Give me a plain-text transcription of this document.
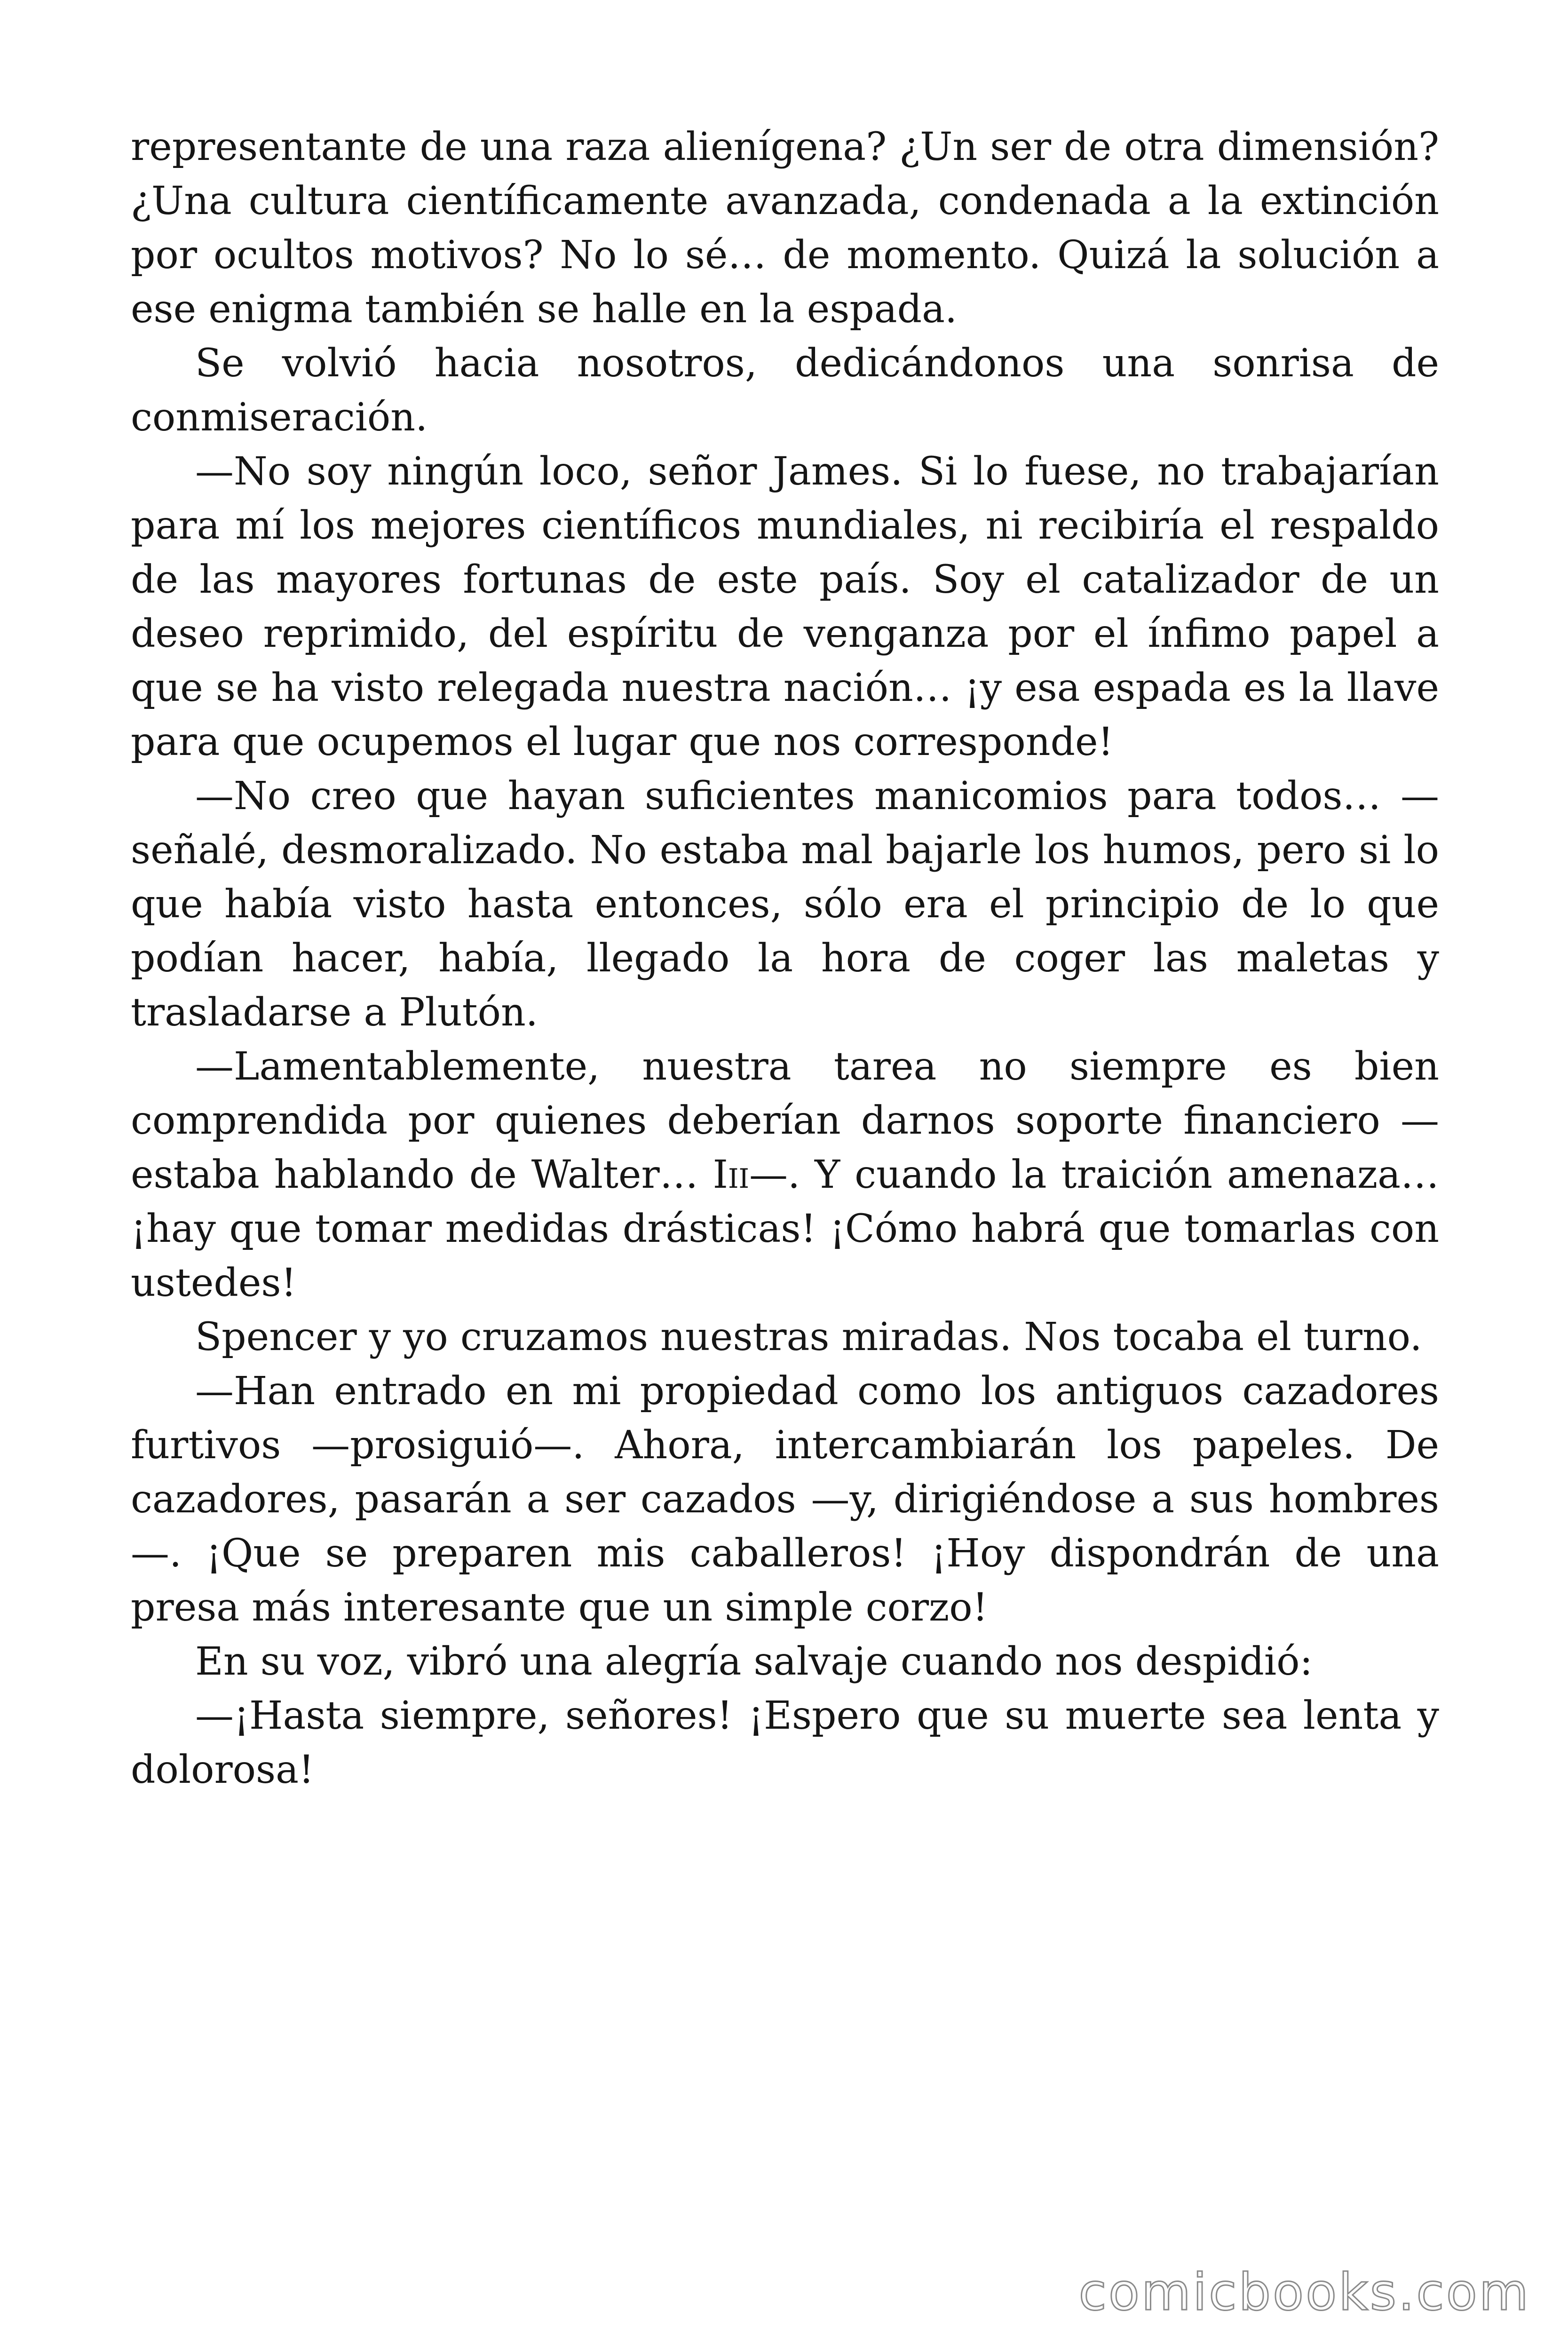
representante de una raza alienígena? ¿Un ser de otra dimensión? ¿Una cultura científicamente avanzada, condenada a la extinción por ocultos motivos? No lo sé… de momento. Quizá la solución a ese enigma también se halle en la espada.

Se volvió hacia nosotros, dedicándonos una sonrisa de conmiseración.

—No soy ningún loco, señor James. Si lo fuese, no trabajarían para mí los mejores científicos mundiales, ni recibiría el respaldo de las mayores fortunas de este país. Soy el catalizador de un deseo reprimido, del espíritu de venganza por el ínfimo papel a que se ha visto relegada nuestra nación… ¡y esa espada es la llave para que ocupemos el lugar que nos corresponde!

—No creo que hayan suficientes manicomios para todos… —señalé, desmoralizado. No estaba mal bajarle los humos, pero si lo que había visto hasta entonces, sólo era el principio de lo que podían hacer, había, llegado la hora de coger las maletas y trasladarse a Plutón.

—Lamentablemente, nuestra tarea no siempre es bien comprendida por quienes deberían darnos soporte financiero —estaba hablando de Walter… Iii—. Y cuando la traición amenaza… ¡hay que tomar medidas drásticas! ¡Cómo habrá que tomarlas con ustedes!

Spencer y yo cruzamos nuestras miradas. Nos tocaba el turno.

—Han entrado en mi propiedad como los antiguos cazadores furtivos —prosiguió—. Ahora, intercambiarán los papeles. De cazadores, pasarán a ser cazados —y, dirigiéndose a sus hombres—. ¡Que se preparen mis caballeros! ¡Hoy dispondrán de una presa más interesante que un simple corzo!

En su voz, vibró una alegría salvaje cuando nos despidió:

—¡Hasta siempre, señores! ¡Espero que su muerte sea lenta y dolorosa!

comicbooks.com
